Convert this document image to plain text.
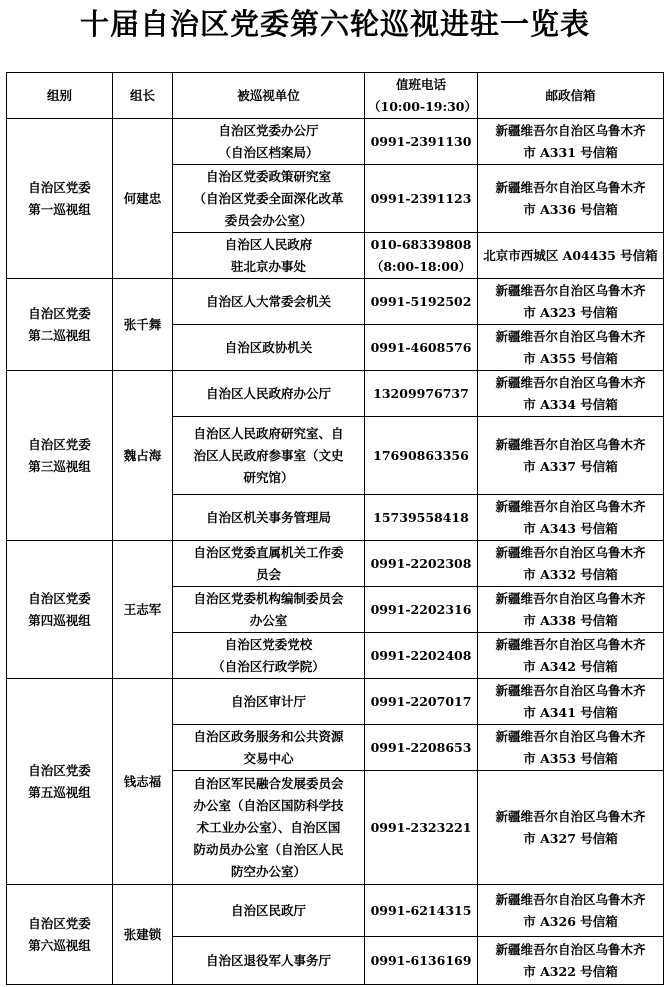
十届自治区党委第六轮巡视进驻一览表
组别	组长	被巡视单位	值班电话
（10:00-19:30）	邮政信箱

自治区党委
第一巡视组	何建忠	自治区党委办公厅
（自治区档案局）	0991-2391130	新疆维吾尔自治区乌鲁木齐
市 A331 号信箱

		自治区党委政策研究室
（自治区党委全面深化改革
委员会办公室）	0991-2391123	新疆维吾尔自治区乌鲁木齐
市 A336 号信箱

		自治区人民政府
驻北京办事处	010-68339808
（8:00-18:00）	北京市西城区 A04435 号信箱

自治区党委
第二巡视组	张千舞	自治区人大常委会机关	0991-5192502	新疆维吾尔自治区乌鲁木齐
市 A323 号信箱

		自治区政协机关	0991-4608576	新疆维吾尔自治区乌鲁木齐
市 A355 号信箱

自治区党委
第三巡视组	魏占海	自治区人民政府办公厅	13209976737	新疆维吾尔自治区乌鲁木齐
市 A334 号信箱

		自治区人民政府研究室、自
治区人民政府参事室（文史
研究馆）	17690863356	新疆维吾尔自治区乌鲁木齐
市 A337 号信箱

		自治区机关事务管理局	15739558418	新疆维吾尔自治区乌鲁木齐
市 A343 号信箱

自治区党委
第四巡视组	王志军	自治区党委直属机关工作委
员会	0991-2202308	新疆维吾尔自治区乌鲁木齐
市 A332 号信箱

		自治区党委机构编制委员会
办公室	0991-2202316	新疆维吾尔自治区乌鲁木齐
市 A338 号信箱

		自治区党委党校
（自治区行政学院）	0991-2202408	新疆维吾尔自治区乌鲁木齐
市 A342 号信箱

自治区党委
第五巡视组	钱志福	自治区审计厅	0991-2207017	新疆维吾尔自治区乌鲁木齐
市 A341 号信箱

		自治区政务服务和公共资源
交易中心	0991-2208653	新疆维吾尔自治区乌鲁木齐
市 A353 号信箱

		自治区军民融合发展委员会
办公室（自治区国防科学技
术工业办公室）、自治区国
防动员办公室（自治区人民
防空办公室）	0991-2323221	新疆维吾尔自治区乌鲁木齐
市 A327 号信箱

自治区党委
第六巡视组	张建锁	自治区民政厅	0991-6214315	新疆维吾尔自治区乌鲁木齐
市 A326 号信箱

		自治区退役军人事务厅	0991-6136169	新疆维吾尔自治区乌鲁木齐
市 A322 号信箱
